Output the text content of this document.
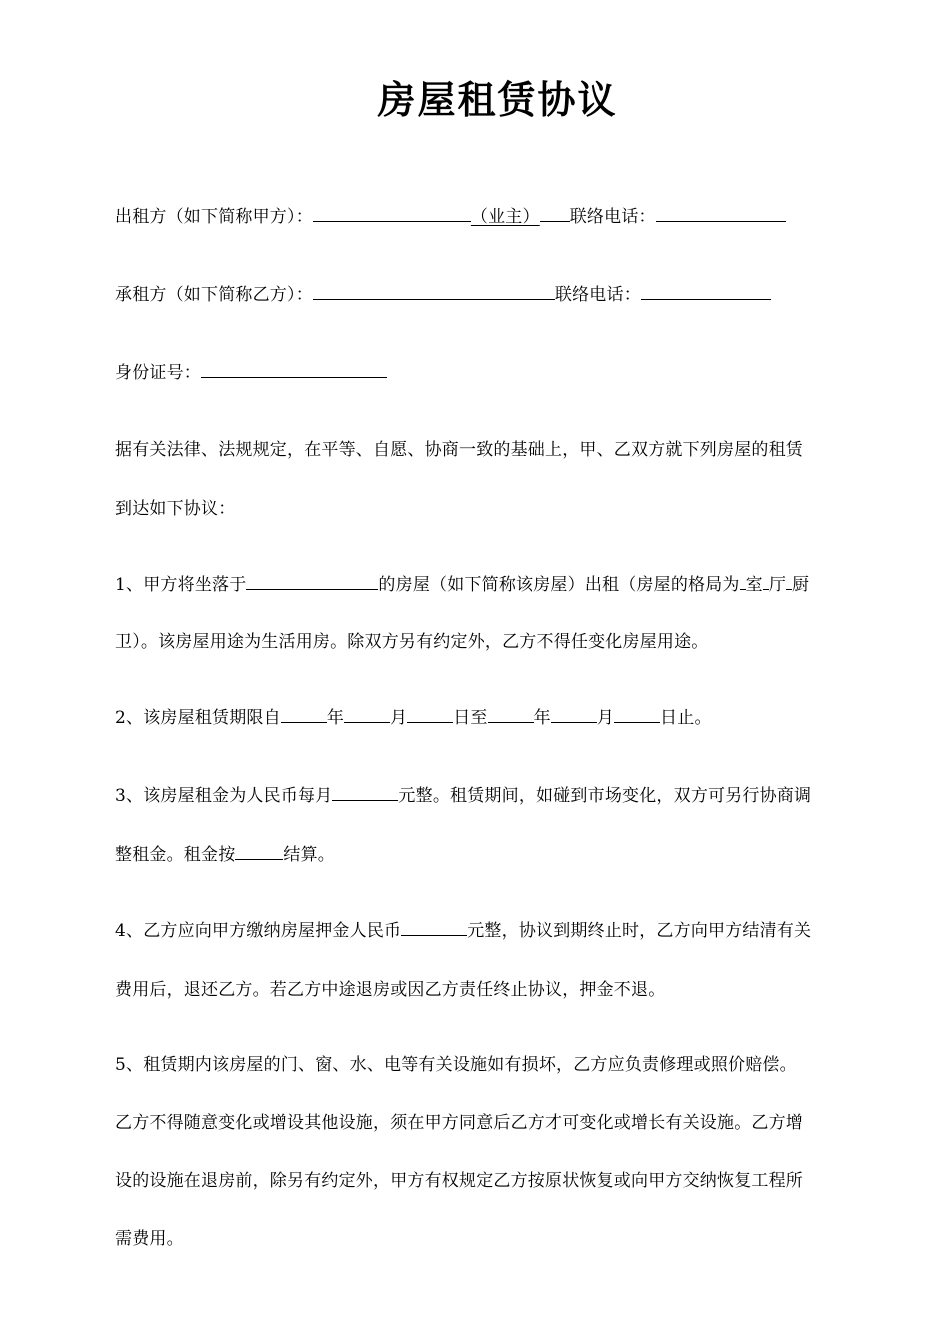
房屋租赁协议
出租方（如下简称甲方）：	（业主） 联络电话：
承租方（如下简称乙方）：	联络电话：
身份证号：
据有关法律、法规规定，在平等、自愿、协商一致的基础上，甲、乙双方就下列房屋的租赁
到达如下协议：
1、甲方将坐落于	的房屋（如下简称该房屋）出租（房屋的格局为 室 厅 厨
卫）。该房屋用途为生活用房。除双方另有约定外，乙方不得任变化房屋用途。
2、该房屋租赁期限自	年	月	日至	年	月	日止。
3、该房屋租金为人民币每月	元整。租赁期间，如碰到市场变化，双方可另行协商调
整租金。租金按	结算。
4、乙方应向甲方缴纳房屋押金人民币	元整，协议到期终止时，乙方向甲方结清有关
费用后，退还乙方。若乙方中途退房或因乙方责任终止协议，押金不退。
5、租赁期内该房屋的门、窗、水、电等有关设施如有损坏，乙方应负责修理或照价赔偿。
乙方不得随意变化或增设其他设施，须在甲方同意后乙方才可变化或增长有关设施。乙方增
设的设施在退房前，除另有约定外，甲方有权规定乙方按原状恢复或向甲方交纳恢复工程所
需费用。
